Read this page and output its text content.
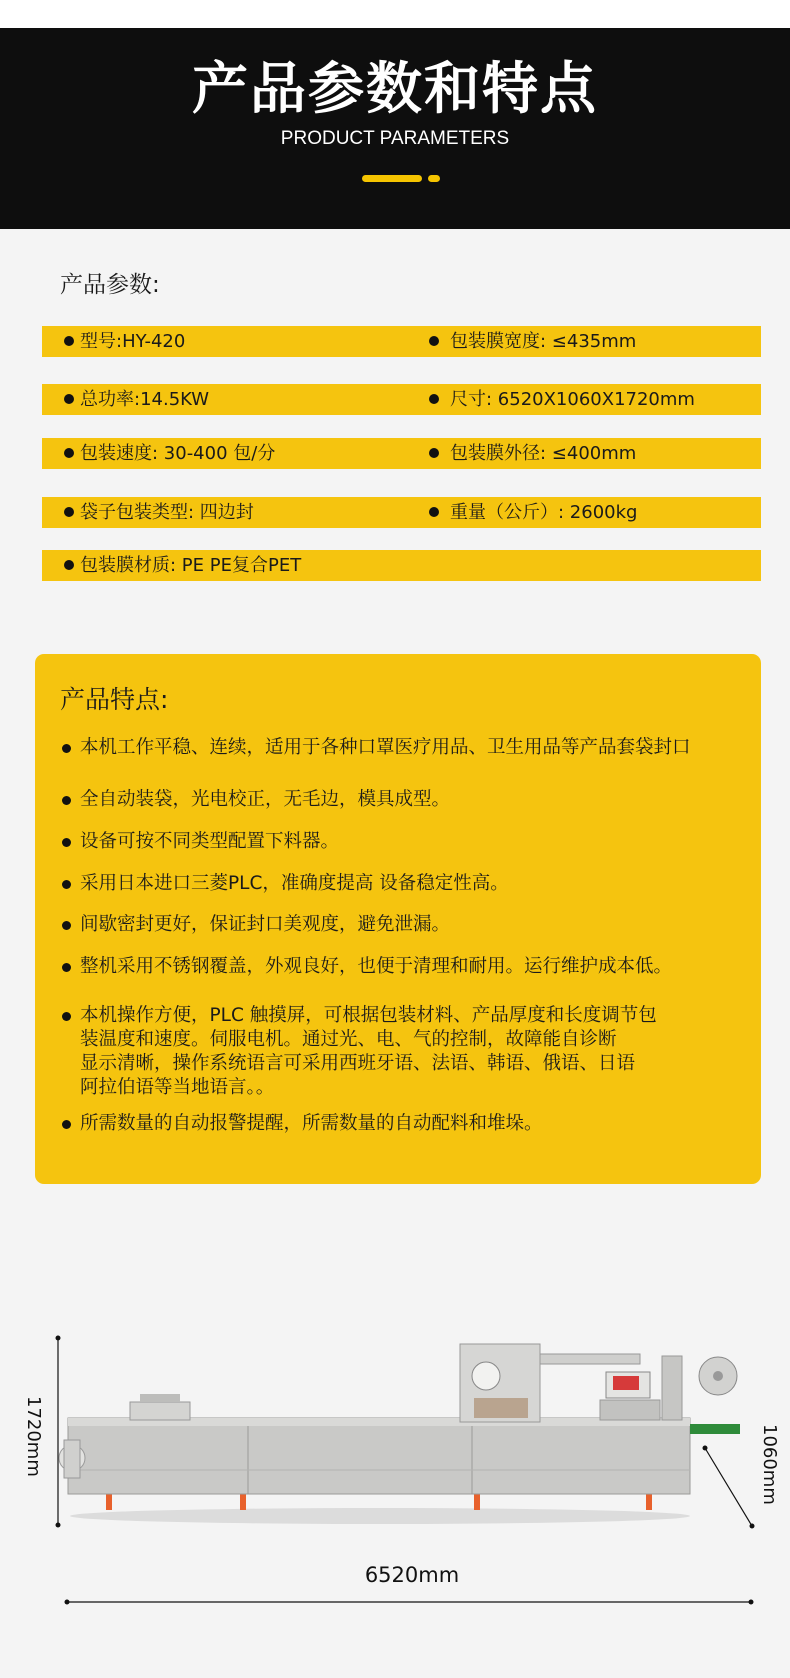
产品参数和特点
PRODUCT PARAMETERS
产品参数:
型号:HY-420	包装膜宽度: ≤435mm
总功率:14.5KW	尺寸: 6520X1060X1720mm
包装速度: 30-400 包/分	包装膜外径: ≤400mm
袋子包装类型: 四边封	重量（公斤）: 2600kg
包装膜材质: PE PE复合PET
产品特点:
本机工作平稳、连续，适用于各种口罩医疗用品、卫生用品等产品套袋封口
全自动装袋，光电校正，无毛边，模具成型。
设备可按不同类型配置下料器。
采用日本进口三菱PLC，准确度提高 设备稳定性高。
间歇密封更好，保证封口美观度，避免泄漏。
整机采用不锈钢覆盖，外观良好，也便于清理和耐用。运行维护成本低。
本机操作方便，PLC 触摸屏，可根据包装材料、产品厚度和长度调节包
装温度和速度。伺服电机。通过光、电、气的控制，故障能自诊断
显示清晰，操作系统语言可采用西班牙语、法语、韩语、俄语、日语
阿拉伯语等当地语言。。
所需数量的自动报警提醒，所需数量的自动配料和堆垛。
1720mm	1060mm
6520mm
